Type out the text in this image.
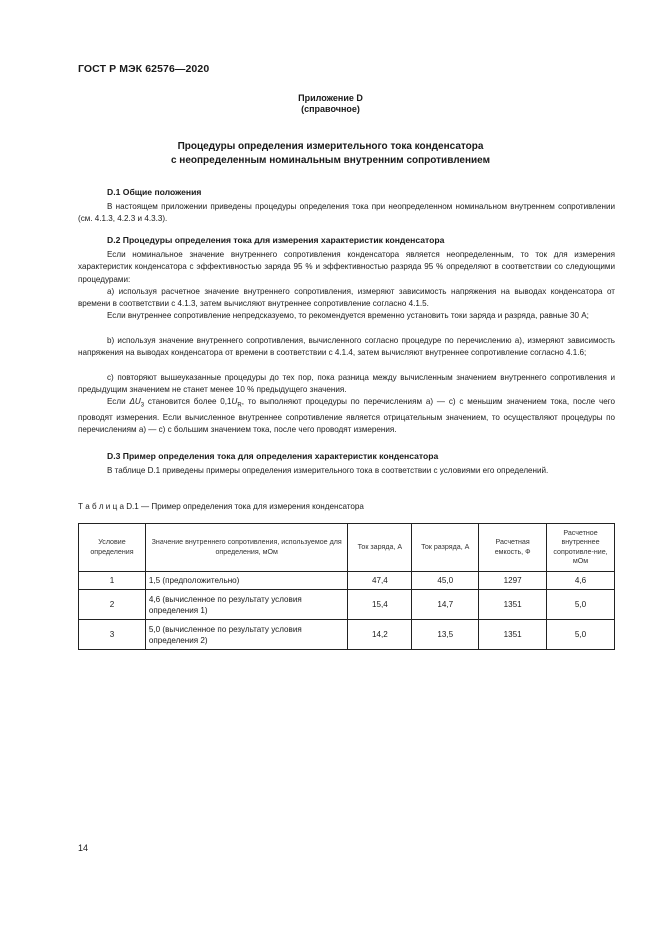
ГОСТ Р МЭК 62576—2020
Приложение D
(справочное)
Процедуры определения измерительного тока конденсатора
с неопределенным номинальным внутренним сопротивлением
D.1 Общие положения
В настоящем приложении приведены процедуры определения тока при неопределенном номинальном внутреннем сопротивлении (см. 4.1.3, 4.2.3 и 4.3.3).
D.2 Процедуры определения тока для измерения характеристик конденсатора
Если номинальное значение внутреннего сопротивления конденсатора является неопределенным, то ток для измерения характеристик конденсатора с эффективностью заряда 95 % и эффективностью разряда 95 % определяют в соответствии со следующими процедурами:
а) используя расчетное значение внутреннего сопротивления, измеряют зависимость напряжения на выводах конденсатора от времени в соответствии с 4.1.3, затем вычисляют внутреннее сопротивление согласно 4.1.5.
Если внутреннее сопротивление непредсказуемо, то рекомендуется временно установить токи заряда и разряда, равные 30 А;
b) используя значение внутреннего сопротивления, вычисленного согласно процедуре по перечислению а), измеряют зависимость напряжения на выводах конденсатора от времени в соответствии с 4.1.4, затем вычисляют внутреннее сопротивление согласно 4.1.6;
с) повторяют вышеуказанные процедуры до тех пор, пока разница между вычисленным значением внутреннего сопротивления и предыдущим значением не станет менее 10 % предыдущего значения.
Если $\Delta U_3$ становится более $0,1U_R$, то выполняют процедуры по перечислениям а) — с) с меньшим значением тока, после чего проводят измерения. Если вычисленное внутреннее сопротивление является отрицательным значением, то осуществляют процедуры по перечислениям а) — с) с большим значением тока, после чего проводят измерения.
D.3 Пример определения тока для определения характеристик конденсатора
В таблице D.1 приведены примеры определения измерительного тока в соответствии с условиями его определений.
Т а б л и ц а D.1 — Пример определения тока для измерения конденсатора
Условие определения	Значение внутреннего сопротивления, используемое для определения, мОм	Ток заряда, А	Ток разряда, А	Расчетная емкость, Ф	Расчетное внутреннее сопротивле-ние, мОм
1	1,5 (предположительно)	47,4	45,0	1297	4,6
2	4,6 (вычисленное по результату условия определения 1)	15,4	14,7	1351	5,0
3	5,0 (вычисленное по результату условия определения 2)	14,2	13,5	1351	5,0
14
